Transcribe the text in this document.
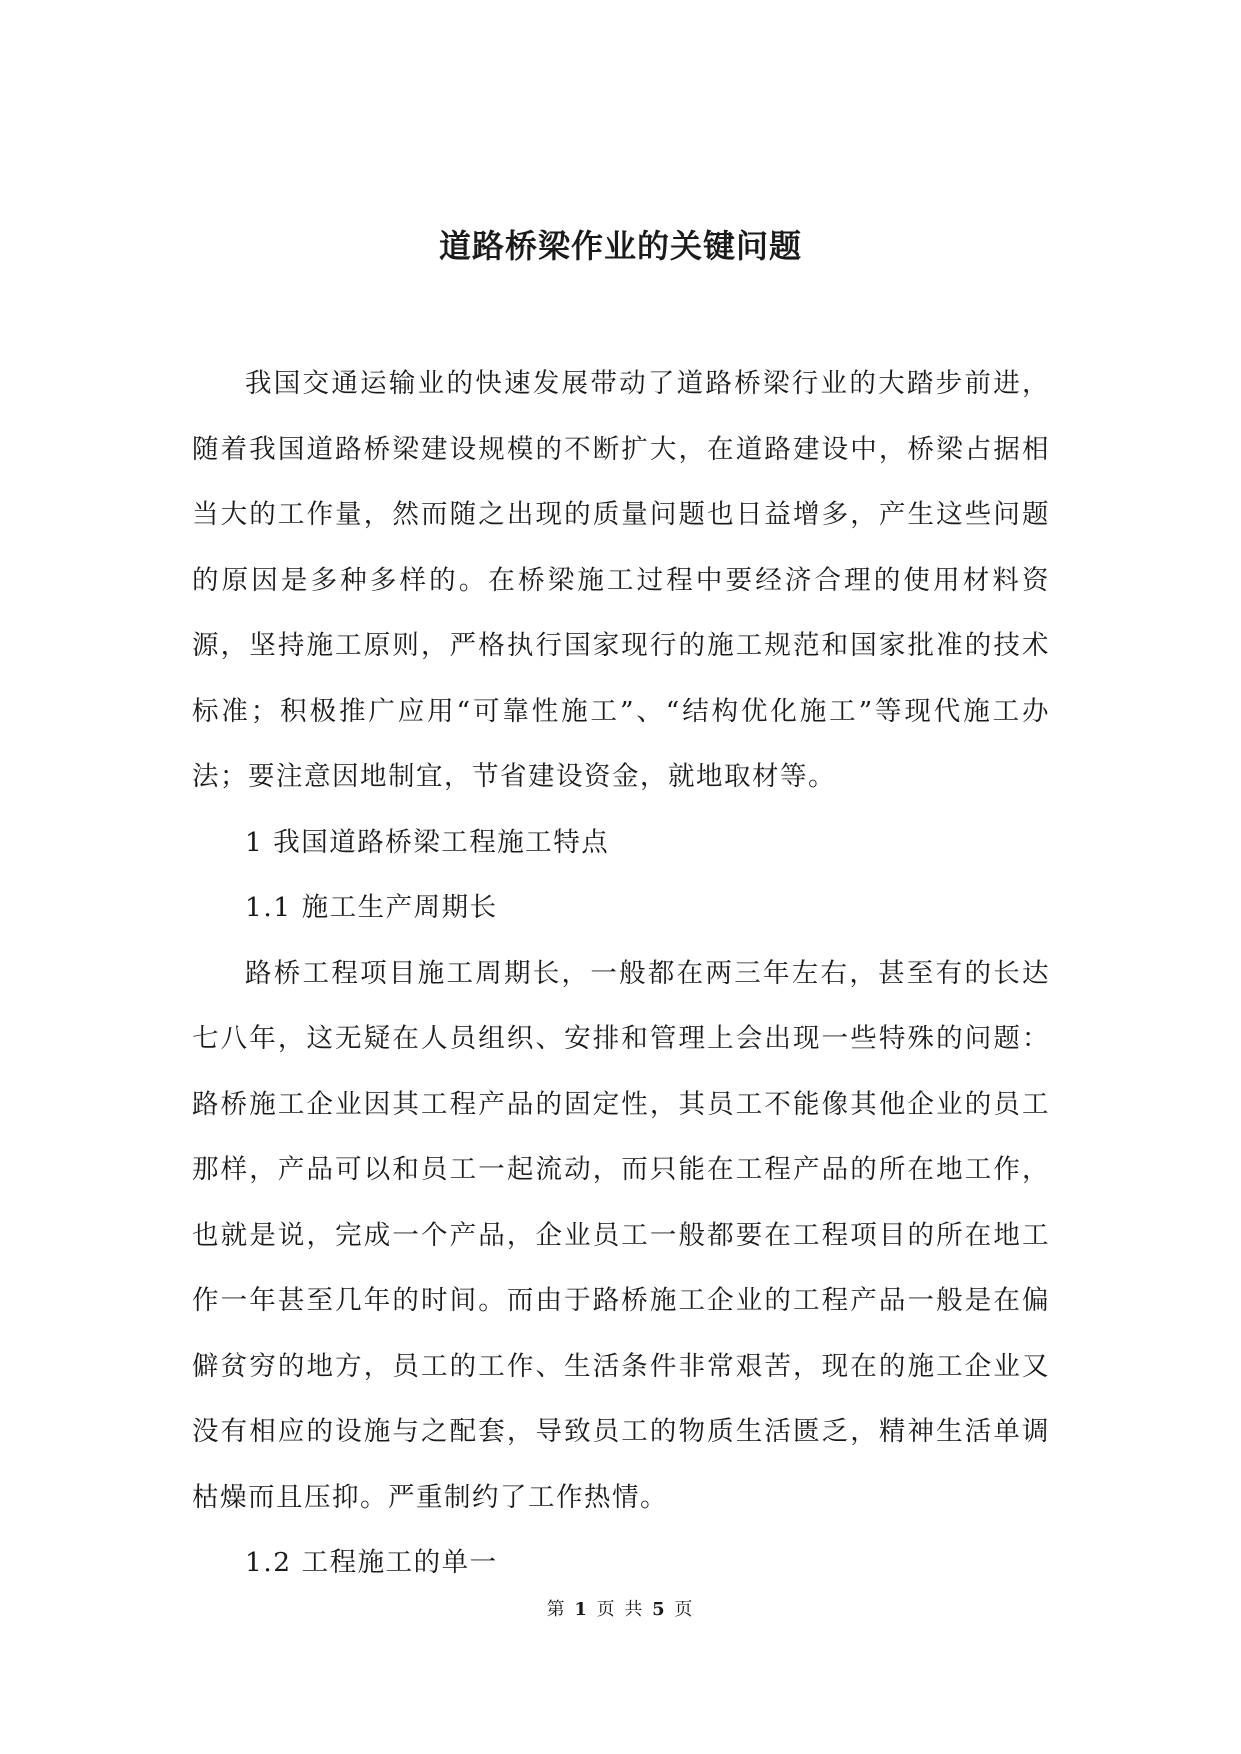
道路桥梁作业的关键问题

我国交通运输业的快速发展带动了道路桥梁行业的大踏步前进，随着我国道路桥梁建设规模的不断扩大，在道路建设中，桥梁占据相当大的工作量，然而随之出现的质量问题也日益增多，产生这些问题的原因是多种多样的。在桥梁施工过程中要经济合理的使用材料资源，坚持施工原则，严格执行国家现行的施工规范和国家批准的技术标准；积极推广应用“可靠性施工”、“结构优化施工”等现代施工办法；要注意因地制宜，节省建设资金，就地取材等。

1 我国道路桥梁工程施工特点

1.1 施工生产周期长

路桥工程项目施工周期长，一般都在两三年左右，甚至有的长达七八年，这无疑在人员组织、安排和管理上会出现一些特殊的问题：路桥施工企业因其工程产品的固定性，其员工不能像其他企业的员工那样，产品可以和员工一起流动，而只能在工程产品的所在地工作，也就是说，完成一个产品，企业员工一般都要在工程项目的所在地工作一年甚至几年的时间。而由于路桥施工企业的工程产品一般是在偏僻贫穷的地方，员工的工作、生活条件非常艰苦，现在的施工企业又没有相应的设施与之配套，导致员工的物质生活匮乏，精神生活单调枯燥而且压抑。严重制约了工作热情。

1.2 工程施工的单一

第 1 页 共 5 页
